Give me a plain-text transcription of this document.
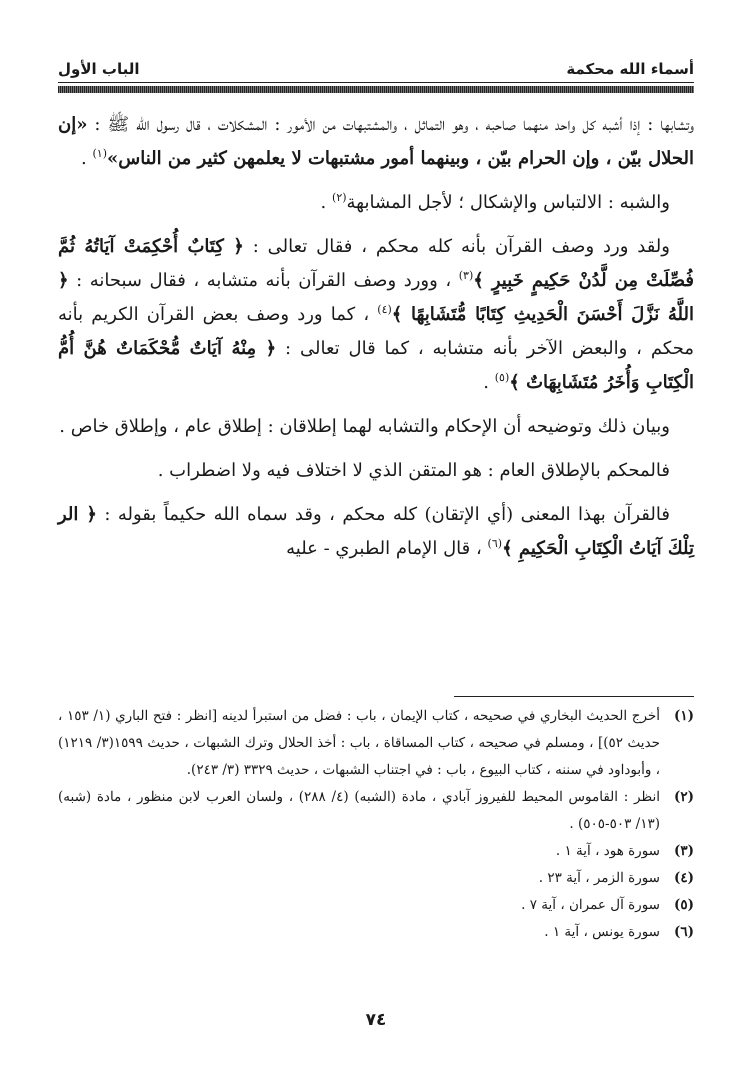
الباب الأول	أسماء الله محكمة

وتشابها : إذا أشبه كل واحد منهما صاحبه ، وهو التماثل ، والمشتبهات من الأمور : المشكلات ، قال رسول الله ﷺ : «إن الحلال بيّن ، وإن الحرام بيّن ، وبينهما أمور مشتبهات لا يعلمهن كثير من الناس»$^{(١)}$ .

والشبه : الالتباس والإشكال ؛ لأجل المشابهة$^{(٢)}$ .

ولقد ورد وصف القرآن بأنه كله محكم ، فقال تعالى : ﴿ كِتَابٌ أُحْكِمَتْ آيَاتُهُ ثُمَّ فُصِّلَتْ مِن لَّدُنْ حَكِيمٍ خَبِيرٍ ﴾$^{(٣)}$ ، وورد وصف القرآن بأنه متشابه ، فقال سبحانه : ﴿ اللَّهُ نَزَّلَ أَحْسَنَ الْحَدِيثِ كِتَابًا مُّتَشَابِهًا ﴾$^{(٤)}$ ، كما ورد وصف بعض القرآن الكريم بأنه محكم ، والبعض الآخر بأنه متشابه ، كما قال تعالى : ﴿ مِنْهُ آيَاتٌ مُّحْكَمَاتٌ هُنَّ أُمُّ الْكِتَابِ وَأُخَرُ مُتَشَابِهَاتٌ ﴾$^{(٥)}$ .

وبيان ذلك وتوضيحه أن الإحكام والتشابه لهما إطلاقان : إطلاق عام ، وإطلاق خاص .

فالمحكم بالإطلاق العام : هو المتقن الذي لا اختلاف فيه ولا اضطراب .

فالقرآن بهذا المعنى (أي الإتقان) كله محكم ، وقد سماه الله حكيماً بقوله : ﴿ الر تِلْكَ آيَاتُ الْكِتَابِ الْحَكِيمِ ﴾$^{(٦)}$ ، قال الإمام الطبري - عليه

(١)
أخرج الحديث البخاري في صحيحه ، كتاب الإيمان ، باب : فضل من استبرأ لدينه [انظر : فتح الباري (١/ ١٥٣ ، حديث ٥٢)] ، ومسلم في صحيحه ، كتاب المساقاة ، باب : أخذ الحلال وترك الشبهات ، حديث ١٥٩٩(٣/ ١٢١٩) ، وأبوداود في سننه ، كتاب البيوع ، باب : في اجتناب الشبهات ، حديث ٣٣٢٩ (٣/ ٢٤٣).
(٢)
انظر : القاموس المحيط للفيروز آبادي ، مادة (الشبه) (٤/ ٢٨٨) ، ولسان العرب لابن منظور ، مادة (شبه) (١٣/ ٥٠٣-٥٠٥) .
(٣)
سورة هود ، آية ١ .
(٤)
سورة الزمر ، آية ٢٣ .
(٥)
سورة آل عمران ، آية ٧ .
(٦)
سورة يونس ، آية ١ .
٧٤
